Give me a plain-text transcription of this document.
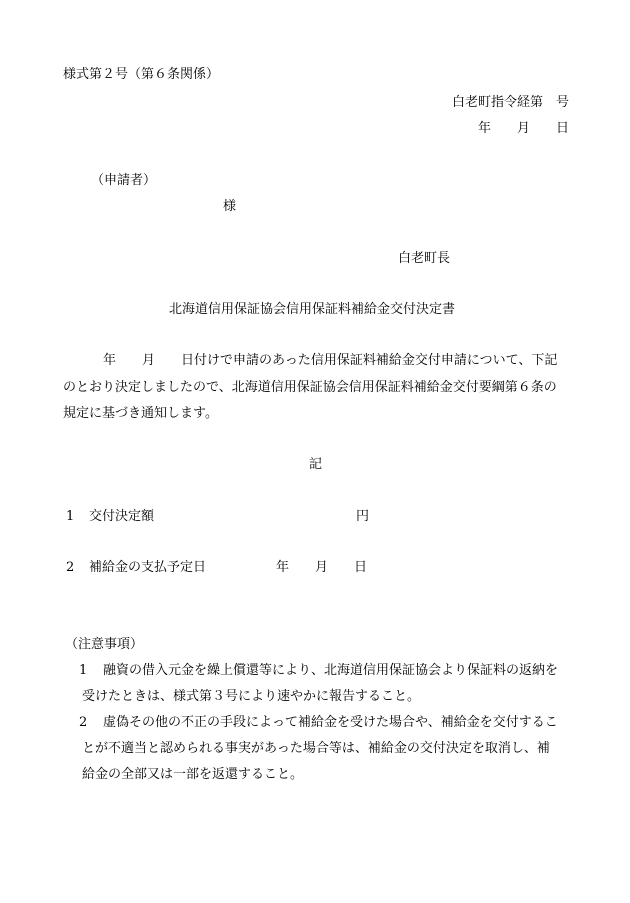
様式第２号（第６条関係）
白老町指令経第　号
年　　月　　日
（申請者）
様
白老町長
北海道信用保証協会信用保証料補給金交付決定書
年　　月　　日付けで申請のあった信用保証料補給金交付申請について、下記
のとおり決定しましたので、北海道信用保証協会信用保証料補給金交付要綱第６条の
規定に基づき通知します。
記
1 交付決定額	円
2 補給金の支払予定日	年　　月　　日
（注意事項）
1 融資の借入元金を繰上償還等により、北海道信用保証協会より保証料の返納を
受けたときは、様式第３号により速やかに報告すること。
2 虚偽その他の不正の手段によって補給金を受けた場合や、補給金を交付するこ
とが不適当と認められる事実があった場合等は、補給金の交付決定を取消し、補
給金の全部又は一部を返還すること。
